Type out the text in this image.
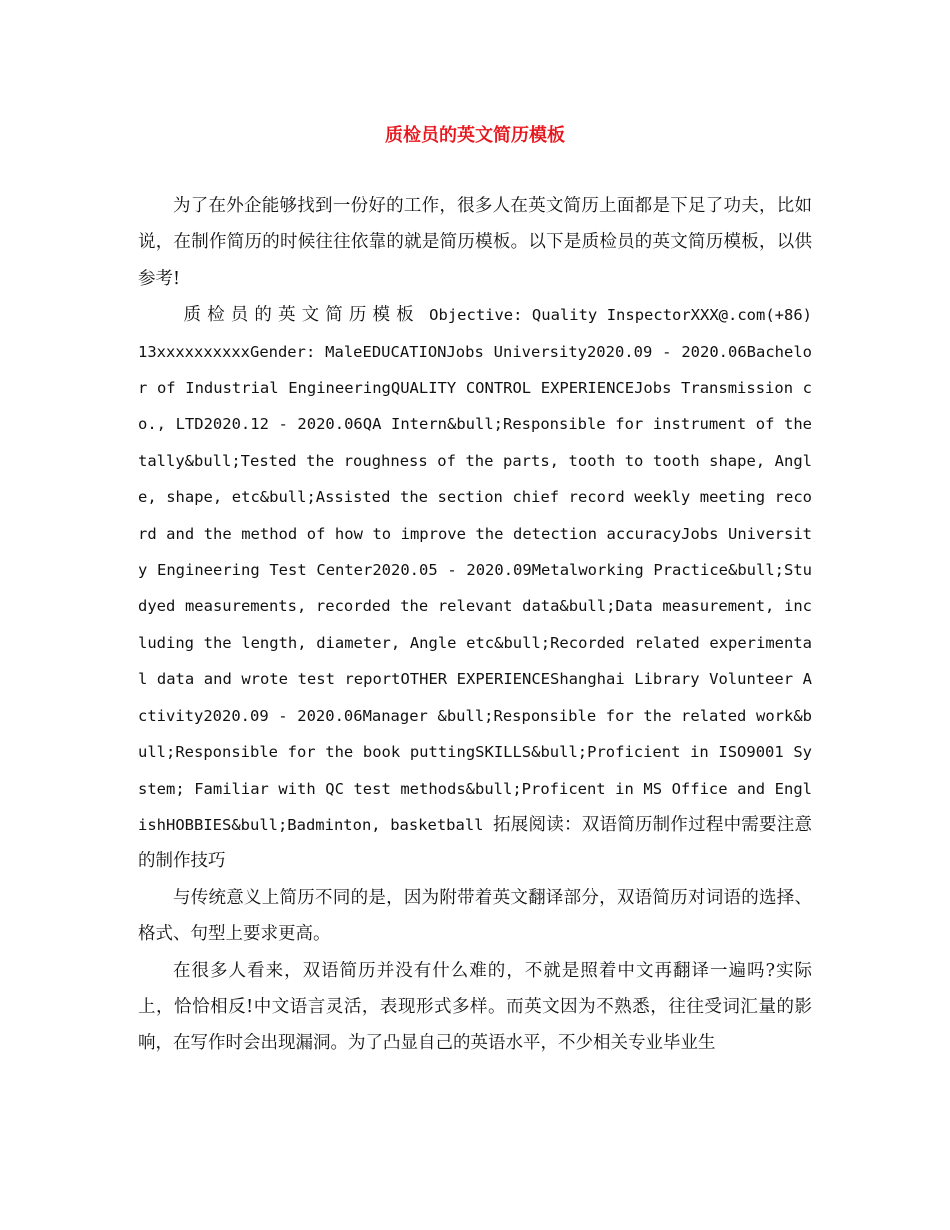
质检员的英文简历模板

为了在外企能够找到一份好的工作，很多人在英文简历上面都是下足了功夫，比如说，在制作简历的时候往往依靠的就是简历模板。以下是质检员的英文简历模板，以供参考!

质检员的英文简历模板 Objective: Quality InspectorXXX@.com(+86) 13xxxxxxxxxxGender: MaleEDUCATIONJobs University2020.09 - 2020.06Bachelor of Industrial EngineeringQUALITY CONTROL EXPERIENCEJobs Transmission co., LTD2020.12 - 2020.06QA Intern&bull;Responsible for instrument of the tally&bull;Tested the roughness of the parts, tooth to tooth shape, Angle, shape, etc&bull;Assisted the section chief record weekly meeting record and the method of how to improve the detection accuracyJobs University Engineering Test Center2020.05 - 2020.09Metalworking Practice&bull;Studyed measurements, recorded the relevant data&bull;Data measurement, including the length, diameter, Angle etc&bull;Recorded related experimental data and wrote test reportOTHER EXPERIENCEShanghai Library Volunteer Activity2020.09 - 2020.06Manager &bull;Responsible for the related work&bull;Responsible for the book puttingSKILLS&bull;Proficient in ISO9001 System; Familiar with QC test methods&bull;Proficent in MS Office and EnglishHOBBIES&bull;Badminton, basketball 拓展阅读：双语简历制作过程中需要注意的制作技巧

与传统意义上简历不同的是，因为附带着英文翻译部分，双语简历对词语的选择、格式、句型上要求更高。

在很多人看来，双语简历并没有什么难的，不就是照着中文再翻译一遍吗?实际上，恰恰相反!中文语言灵活，表现形式多样。而英文因为不熟悉，往往受词汇量的影响，在写作时会出现漏洞。为了凸显自己的英语水平，不少相关专业毕业生
